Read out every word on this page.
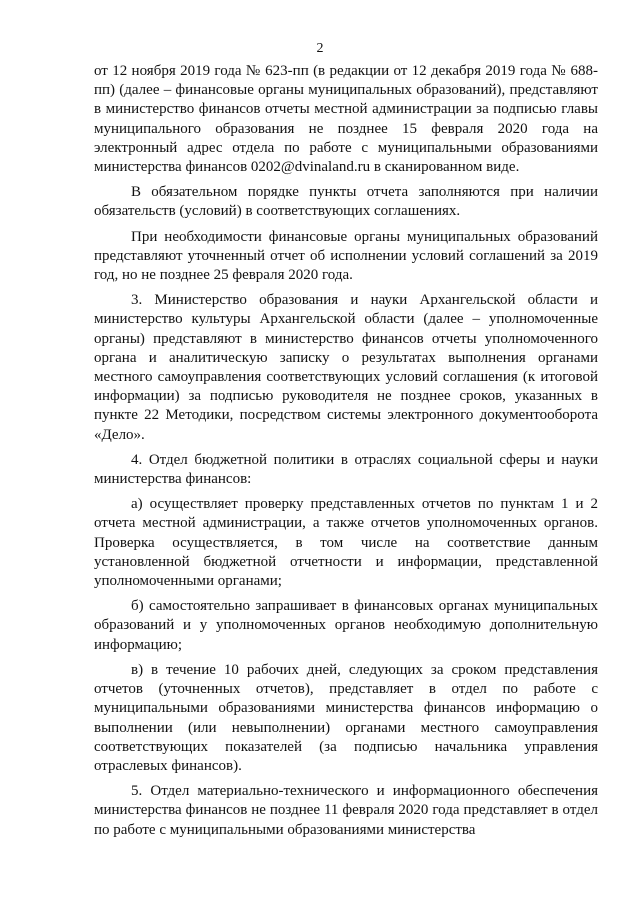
2

от 12 ноября 2019 года № 623-пп (в редакции от 12 декабря 2019 года № 688-пп) (далее – финансовые органы муниципальных образований), представляют в министерство финансов отчеты местной администрации за подписью главы муниципального образования не позднее 15 февраля 2020 года на электронный адрес отдела по работе с муниципальными образованиями министерства финансов 0202@dvinaland.ru в сканированном виде.

В обязательном порядке пункты отчета заполняются при наличии обязательств (условий) в соответствующих соглашениях.

При необходимости финансовые органы муниципальных образований представляют уточненный отчет об исполнении условий соглашений за 2019 год, но не позднее 25 февраля 2020 года.

3. Министерство образования и науки Архангельской области и министерство культуры Архангельской области (далее – уполномоченные органы) представляют в министерство финансов отчеты уполномоченного органа и аналитическую записку о результатах выполнения органами местного самоуправления соответствующих условий соглашения (к итоговой информации) за подписью руководителя не позднее сроков, указанных в пункте 22 Методики, посредством системы электронного документооборота «Дело».

4. Отдел бюджетной политики в отраслях социальной сферы и науки министерства финансов:

а) осуществляет проверку представленных отчетов по пунктам 1 и 2 отчета местной администрации, а также отчетов уполномоченных органов. Проверка осуществляется, в том числе на соответствие данным установленной бюджетной отчетности и информации, представленной уполномоченными органами;

б) самостоятельно запрашивает в финансовых органах муниципальных образований и у уполномоченных органов необходимую дополнительную информацию;

в) в течение 10 рабочих дней, следующих за сроком представления отчетов (уточненных отчетов), представляет в отдел по работе с муниципальными образованиями министерства финансов информацию о выполнении (или невыполнении) органами местного самоуправления соответствующих показателей (за подписью начальника управления отраслевых финансов).

5. Отдел материально-технического и информационного обеспечения министерства финансов не позднее 11 февраля 2020 года представляет в отдел по работе с муниципальными образованиями министерства
